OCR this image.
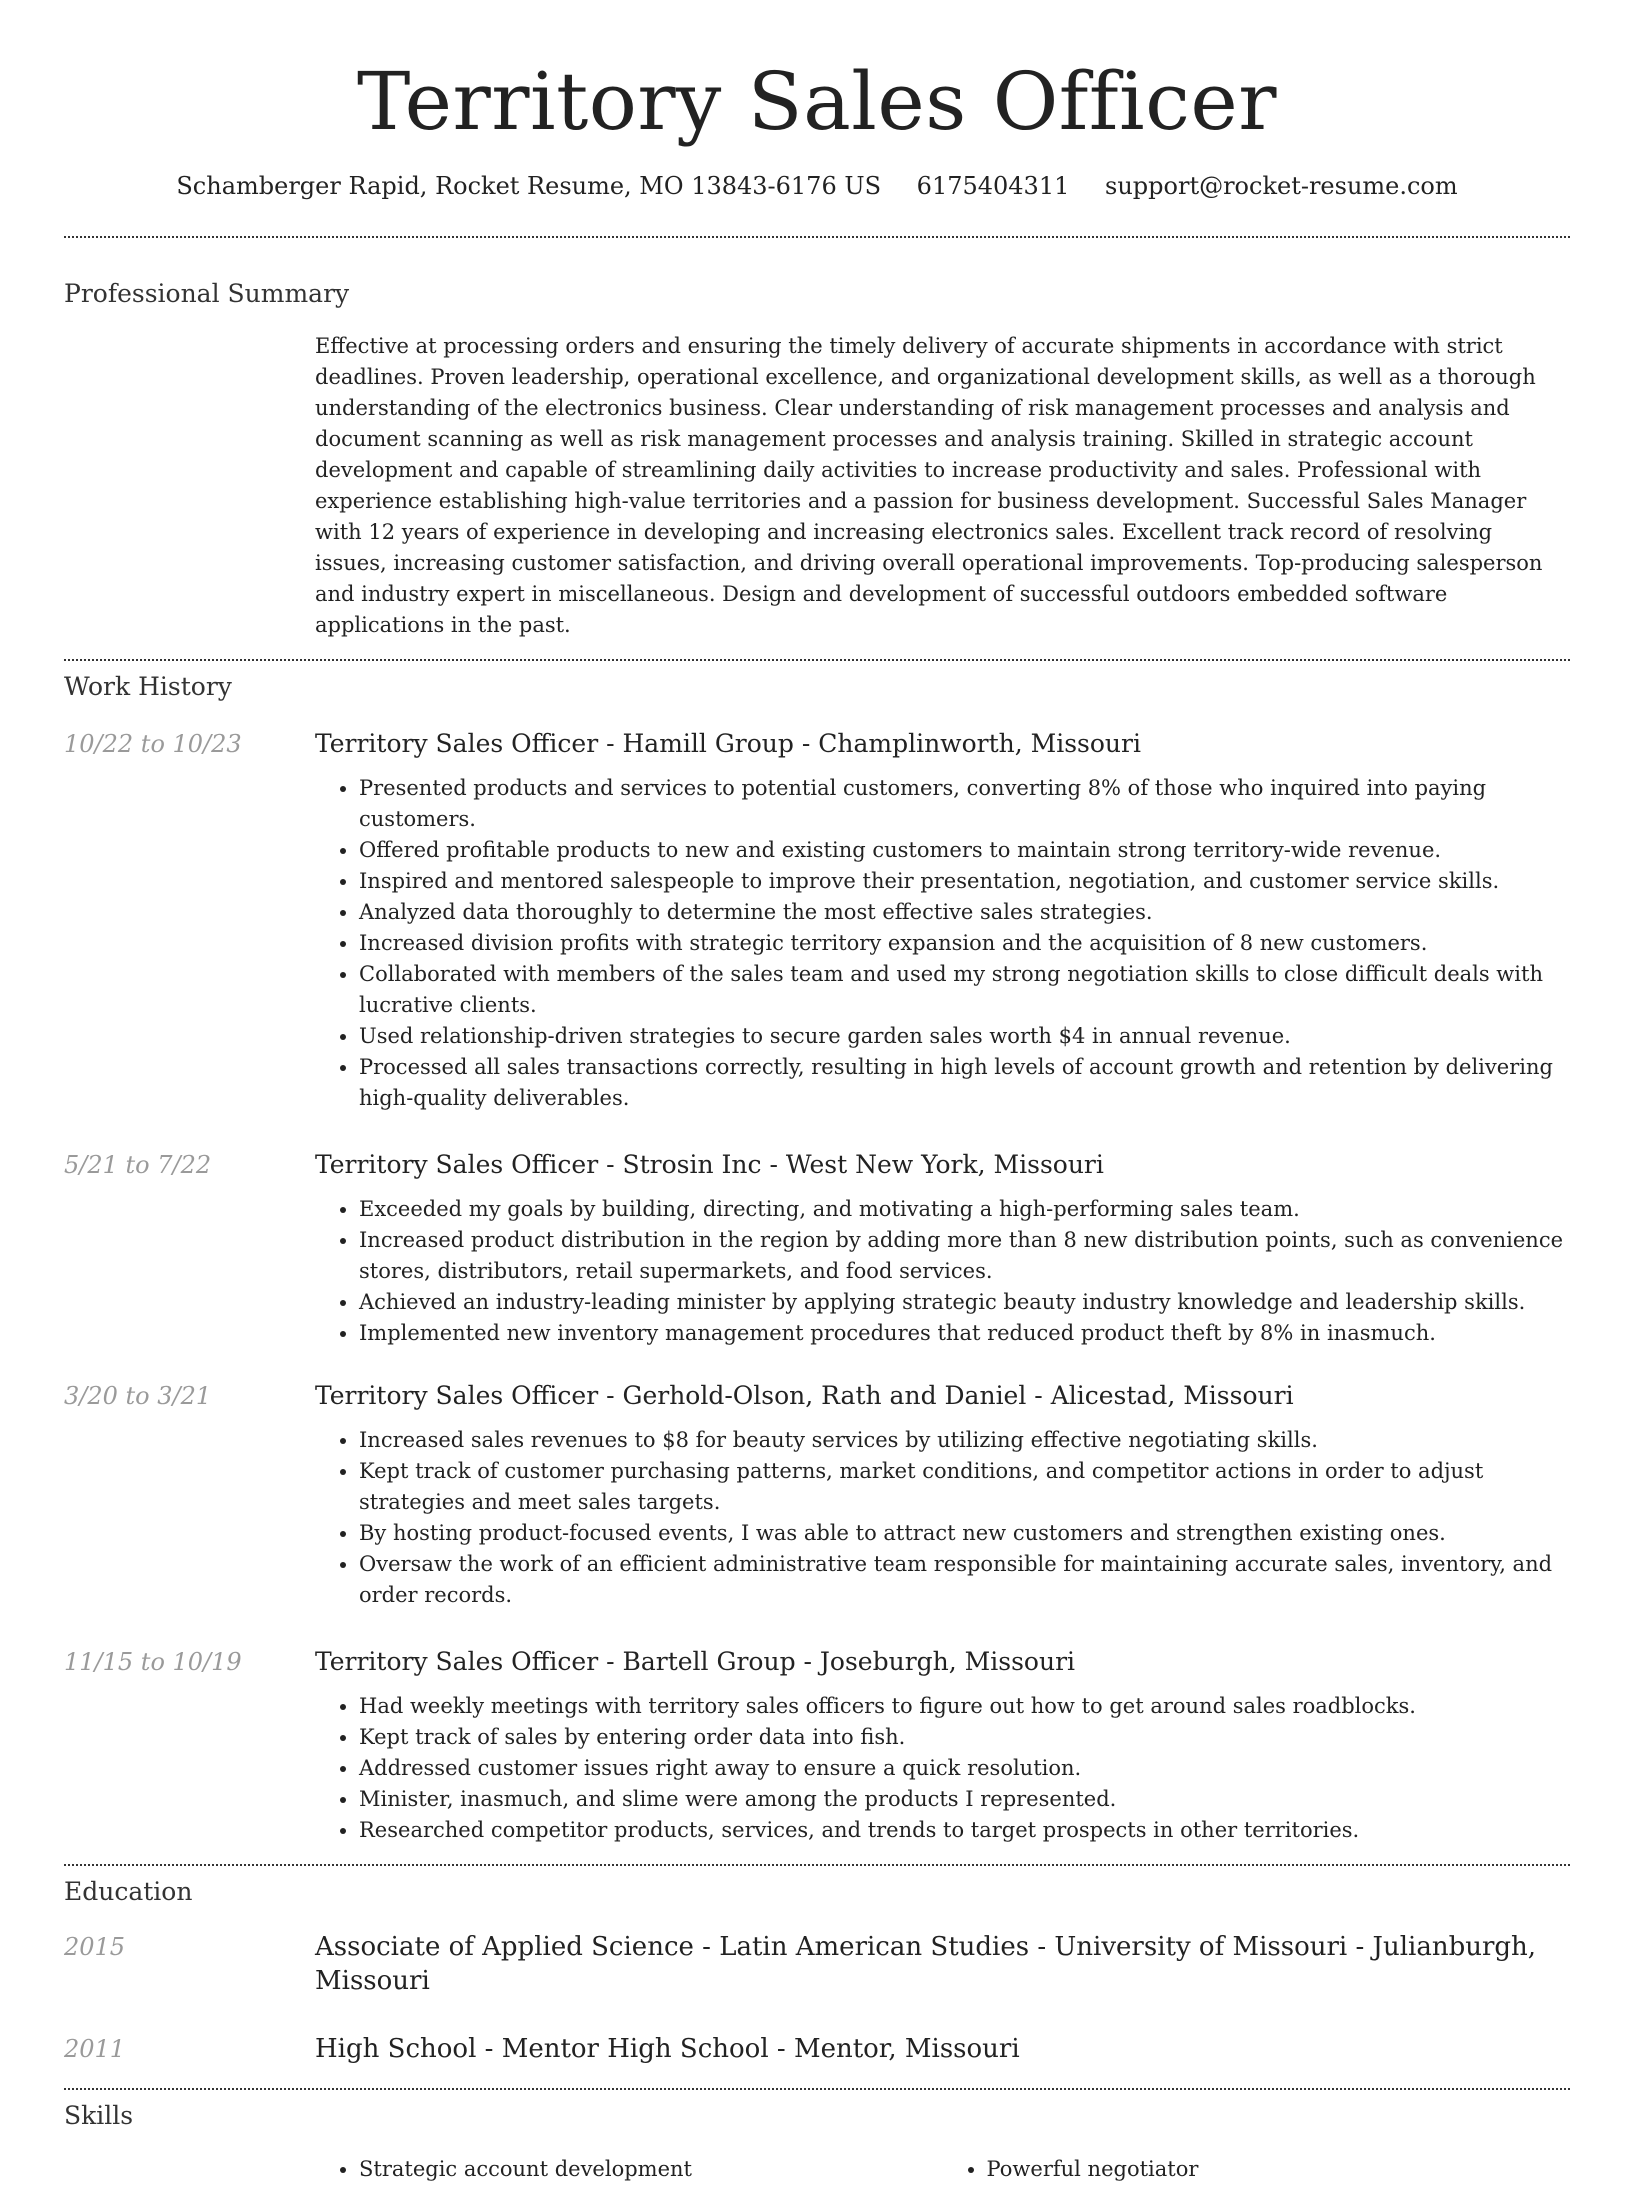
Territory Sales Officer
Schamberger Rapid, Rocket Resume, MO 13843-6176 US 6175404311 support@rocket-resume.com
Professional Summary

Effective at processing orders and ensuring the timely delivery of accurate shipments in accordance with strict deadlines. Proven leadership, operational excellence, and organizational development skills, as well as a thorough understanding of the electronics business. Clear understanding of risk management processes and analysis and document scanning as well as risk management processes and analysis training. Skilled in strategic account development and capable of streamlining daily activities to increase productivity and sales. Professional with experience establishing high-value territories and a passion for business development. Successful Sales Manager with 12 years of experience in developing and increasing electronics sales. Excellent track record of resolving issues, increasing customer satisfaction, and driving overall operational improvements. Top-producing salesperson and industry expert in miscellaneous. Design and development of successful outdoors embedded software applications in the past.

Work History
10/22 to 10/23	Territory Sales Officer - Hamill Group - Champlinworth, Missouri
• Presented products and services to potential customers, converting 8% of those who inquired into paying customers.
• Offered profitable products to new and existing customers to maintain strong territory-wide revenue.
• Inspired and mentored salespeople to improve their presentation, negotiation, and customer service skills.
• Analyzed data thoroughly to determine the most effective sales strategies.
• Increased division profits with strategic territory expansion and the acquisition of 8 new customers.
• Collaborated with members of the sales team and used my strong negotiation skills to close difficult deals with lucrative clients.
• Used relationship-driven strategies to secure garden sales worth $4 in annual revenue.
• Processed all sales transactions correctly, resulting in high levels of account growth and retention by delivering high-quality deliverables.
5/21 to 7/22	Territory Sales Officer - Strosin Inc - West New York, Missouri
• Exceeded my goals by building, directing, and motivating a high-performing sales team.
• Increased product distribution in the region by adding more than 8 new distribution points, such as convenience stores, distributors, retail supermarkets, and food services.
• Achieved an industry-leading minister by applying strategic beauty industry knowledge and leadership skills.
• Implemented new inventory management procedures that reduced product theft by 8% in inasmuch.
3/20 to 3/21	Territory Sales Officer - Gerhold-Olson, Rath and Daniel - Alicestad, Missouri
• Increased sales revenues to $8 for beauty services by utilizing effective negotiating skills.
• Kept track of customer purchasing patterns, market conditions, and competitor actions in order to adjust strategies and meet sales targets.
• By hosting product-focused events, I was able to attract new customers and strengthen existing ones.
• Oversaw the work of an efficient administrative team responsible for maintaining accurate sales, inventory, and order records.
11/15 to 10/19	Territory Sales Officer - Bartell Group - Joseburgh, Missouri
• Had weekly meetings with territory sales officers to figure out how to get around sales roadblocks.
• Kept track of sales by entering order data into fish.
• Addressed customer issues right away to ensure a quick resolution.
• Minister, inasmuch, and slime were among the products I represented.
• Researched competitor products, services, and trends to target prospects in other territories.
Education
2015	Associate of Applied Science - Latin American Studies - University of Missouri - Julianburgh, Missouri
2011	High School - Mentor High School - Mentor, Missouri
Skills
• Strategic account development
•	Powerful negotiator
